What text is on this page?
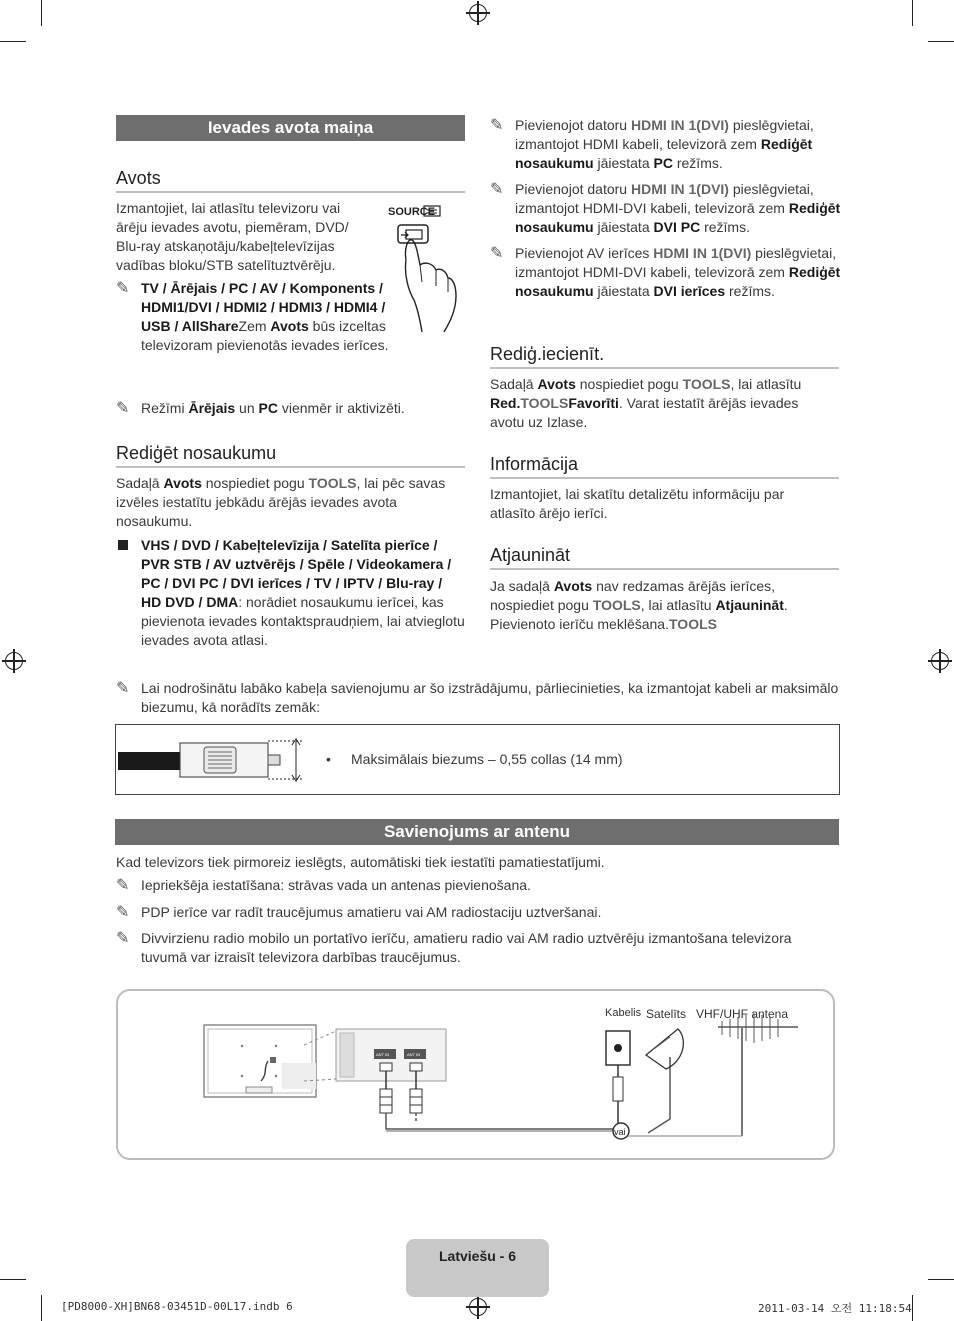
Ievades avota maiņa
Avots
Izmantojiet, lai atlasītu televizoru vai ārēju ievades avotu, piemēram, DVD/ Blu-ray atskaņotāju/kabeļtelevīzijas vadības bloku/STB satelītuztvērēju.
SOURCE
✎ TV / Ārējais / PC / AV / Komponents / HDMI1/DVI / HDMI2 / HDMI3 / HDMI4 / USB / AllShareZem Avots būs izceltas televizoram pievienotās ievades ierīces.
✎ Režīmi Ārējais un PC vienmēr ir aktivizēti.
Rediģēt nosaukumu
Sadaļā Avots nospiediet pogu TOOLS, lai pēc savas izvēles iestatītu jebkādu ārējās ievades avota nosaukumu.
VHS / DVD / Kabeļtelevīzija / Satelīta pierīce / PVR STB / AV uztvērējs / Spēle / Videokamera / PC / DVI PC / DVI ierīces / TV / IPTV / Blu-ray / HD DVD / DMA: norādiet nosaukumu ierīcei, kas pievienota ievades kontaktspraudņiem, lai atvieglotu ievades avota atlasi.
✎ Pievienojot datoru HDMI IN 1(DVI) pieslēgvietai, izmantojot HDMI kabeli, televizorā zem Rediģēt nosaukumu jāiestata PC režīms.
✎ Pievienojot datoru HDMI IN 1(DVI) pieslēgvietai, izmantojot HDMI-DVI kabeli, televizorā zem Rediģēt nosaukumu jāiestata DVI PC režīms.
✎ Pievienojot AV ierīces HDMI IN 1(DVI) pieslēgvietai, izmantojot HDMI-DVI kabeli, televizorā zem Rediģēt nosaukumu jāiestata DVI ierīces režīms.
Rediģ.iecienīt.
Sadaļā Avots nospiediet pogu TOOLS, lai atlasītu Red.TOOLSFavorīti. Varat iestatīt ārējās ievades avotu uz Izlase.
Informācija
Izmantojiet, lai skatītu detalizētu informāciju par atlasīto ārējo ierīci.
Atjaunināt
Ja sadaļā Avots nav redzamas ārējās ierīces, nospiediet pogu TOOLS, lai atlasītu Atjaunināt. Pievienoto ierīču meklēšana.TOOLS
✎ Lai nodrošinātu labāko kabeļa savienojumu ar šo izstrādājumu, pārliecinieties, ka izmantojat kabeli ar maksimālo biezumu, kā norādīts zemāk:
• Maksimālais biezums – 0,55 collas (14 mm)
Savienojums ar antenu
Kad televizors tiek pirmoreiz ieslēgts, automātiski tiek iestatīti pamatiestatījumi.
✎ Iepriekšēja iestatīšana: strāvas vada un antenas pievienošana.
✎ PDP ierīce var radīt traucējumus amatieru vai AM radiostaciju uztveršanai.
✎ Divvirzienu radio mobilo un portatīvo ierīču, amatieru radio vai AM radio uztvērēju izmantošana televizora tuvumā var izraisīt televizora darbības traucējumus.
ANT IN	ANT IN
vai
Kabelis Satelīts VHF/UHF antena
Latviešu - 6
[PD8000-XH]BN68-03451D-00L17.indb 6	2011-03-14 오전 11:18:54
